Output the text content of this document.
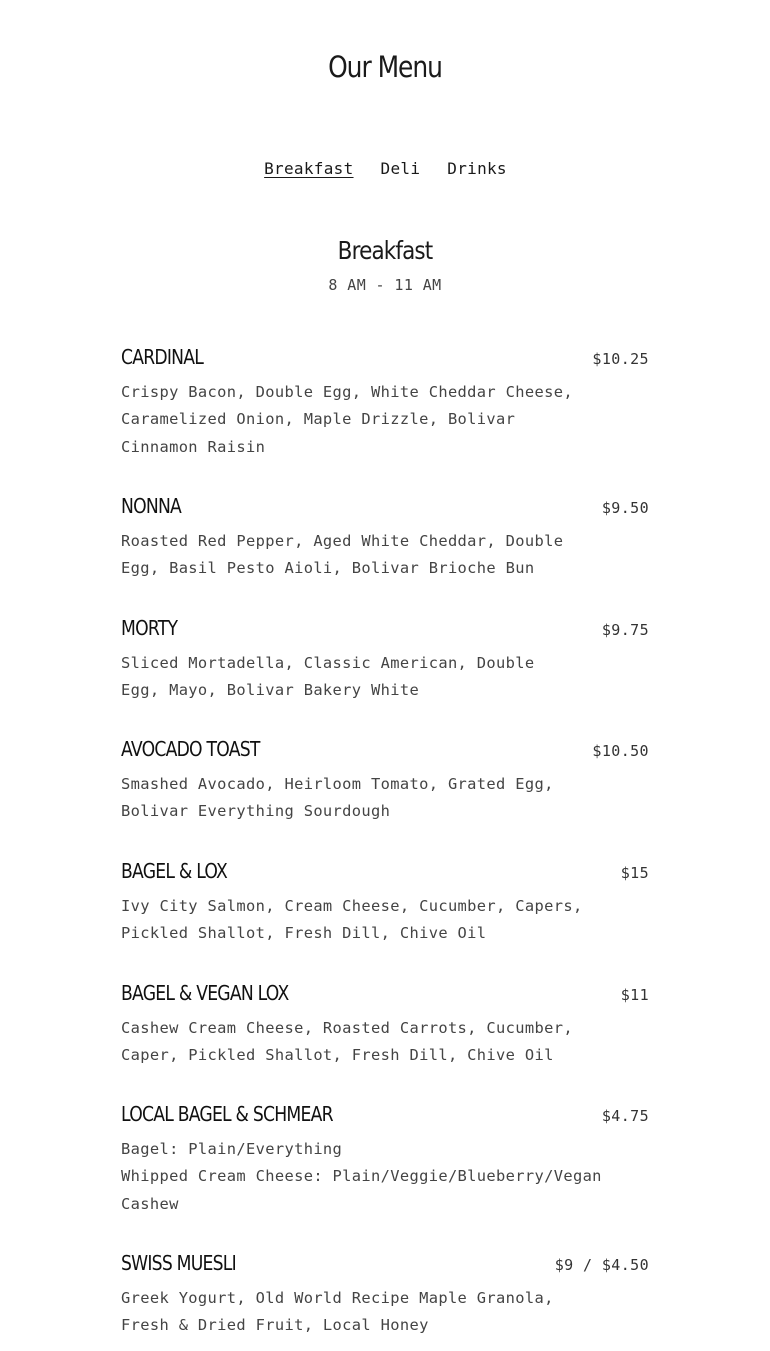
Our Menu
Breakfast Deli Drinks
Breakfast
8 AM - 11 AM
CARDINAL	$10.25
Crispy Bacon, Double Egg, White Cheddar Cheese, Caramelized Onion, Maple Drizzle, Bolivar Cinnamon Raisin
NONNA	$9.50
Roasted Red Pepper, Aged White Cheddar, Double Egg, Basil Pesto Aioli, Bolivar Brioche Bun
MORTY	$9.75
Sliced Mortadella, Classic American, Double Egg, Mayo, Bolivar Bakery White
AVOCADO TOAST	$10.50
Smashed Avocado, Heirloom Tomato, Grated Egg, Bolivar Everything Sourdough
BAGEL & LOX	$15
Ivy City Salmon, Cream Cheese, Cucumber, Capers, Pickled Shallot, Fresh Dill, Chive Oil
BAGEL & VEGAN LOX	$11
Cashew Cream Cheese, Roasted Carrots, Cucumber, Caper, Pickled Shallot, Fresh Dill, Chive Oil
LOCAL BAGEL & SCHMEAR	$4.75
Bagel: Plain/Everything
Whipped Cream Cheese: Plain/Veggie/Blueberry/Vegan Cashew
SWISS MUESLI	$9 / $4.50
Greek Yogurt, Old World Recipe Maple Granola, Fresh & Dried Fruit, Local Honey
